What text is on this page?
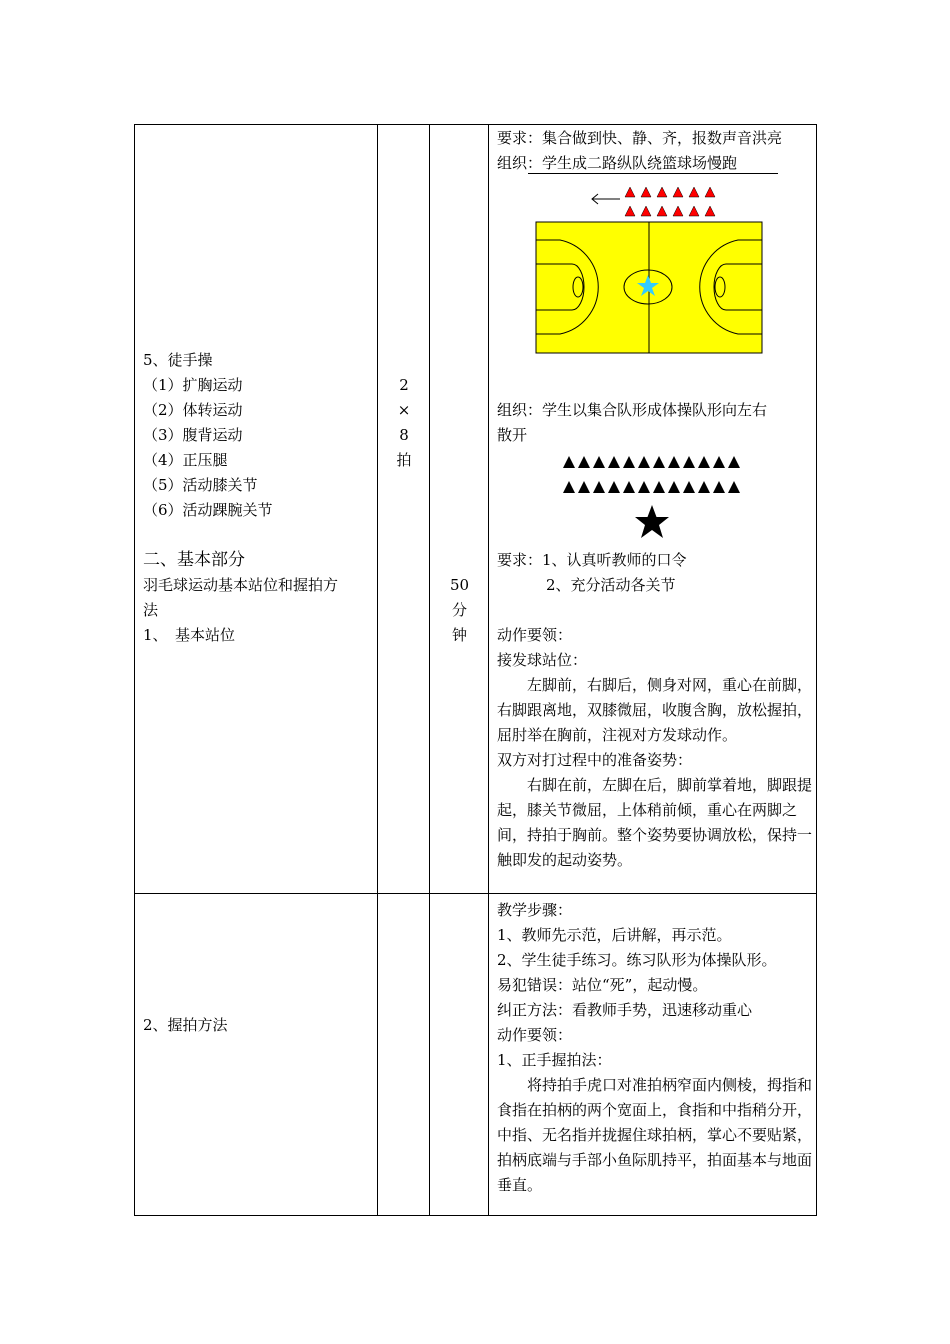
5、徒手操
（1）扩胸运动
（2）体转运动
（3）腹背运动
（4）正压腿
（5）活动膝关节
（6）活动踝腕关节
二、基本部分
羽毛球运动基本站位和握拍方
法
1、　基本站位
2
×
8
拍
50
分
钟
要求：集合做到快、静、齐，报数声音洪亮
组织：学生成二路纵队绕篮球场慢跑
组织：学生以集合队形成体操队形向左右
散开
要求：1、认真听教师的口令
2、充分活动各关节
动作要领：
接发球站位：
左脚前，右脚后，侧身对网，重心在前脚，右脚跟离地，双膝微屈，收腹含胸，放松握拍，屈肘举在胸前，注视对方发球动作。
双方对打过程中的准备姿势：
右脚在前，左脚在后，脚前掌着地，脚跟提起，膝关节微屈，上体稍前倾，重心在两脚之间，持拍于胸前。整个姿势要协调放松，保持一触即发的起动姿势。
2、握拍方法
教学步骤：
1、教师先示范，后讲解，再示范。
2、学生徒手练习。练习队形为体操队形。
易犯错误：站位“死”，起动慢。
纠正方法：看教师手势，迅速移动重心
动作要领：
1、正手握拍法：
将持拍手虎口对准拍柄窄面内侧棱，拇指和食指在拍柄的两个宽面上，食指和中指稍分开，中指、无名指并拢握住球拍柄，掌心不要贴紧，拍柄底端与手部小鱼际肌持平，拍面基本与地面垂直。
